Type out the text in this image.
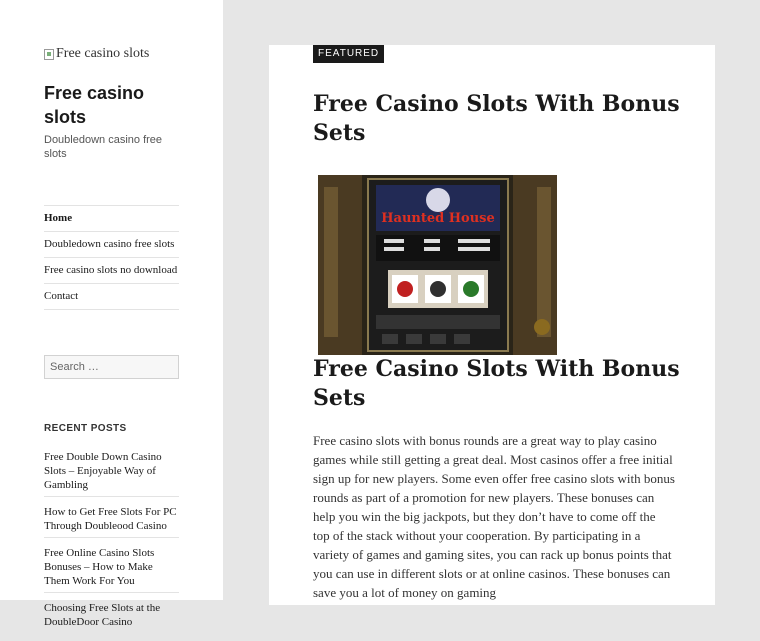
Free casino slots
Free casino slots
Doubledown casino free slots
Home
Doubledown casino free slots
Free casino slots no download
Contact
Search …
RECENT POSTS
Free Double Down Casino Slots – Enjoyable Way of Gambling
How to Get Free Slots For PC Through Doubleood Casino
Free Online Casino Slots Bonuses – How to Make Them Work For You
Choosing Free Slots at the DoubleDoor Casino
FEATURED
Free Casino Slots With Bonus Sets
Haunted House
Free Casino Slots With Bonus Sets

Free casino slots with bonus rounds are a great way to play casino games while still getting a great deal. Most casinos offer a free initial sign up for new players. Some even offer free casino slots with bonus rounds as part of a promotion for new players. These bonuses can help you win the big jackpots, but they don’t have to come off the top of the stack without your cooperation. By participating in a variety of games and gaming sites, you can rack up bonus points that you can use in different slots or at online casinos. These bonuses can save you a lot of money on gaming
